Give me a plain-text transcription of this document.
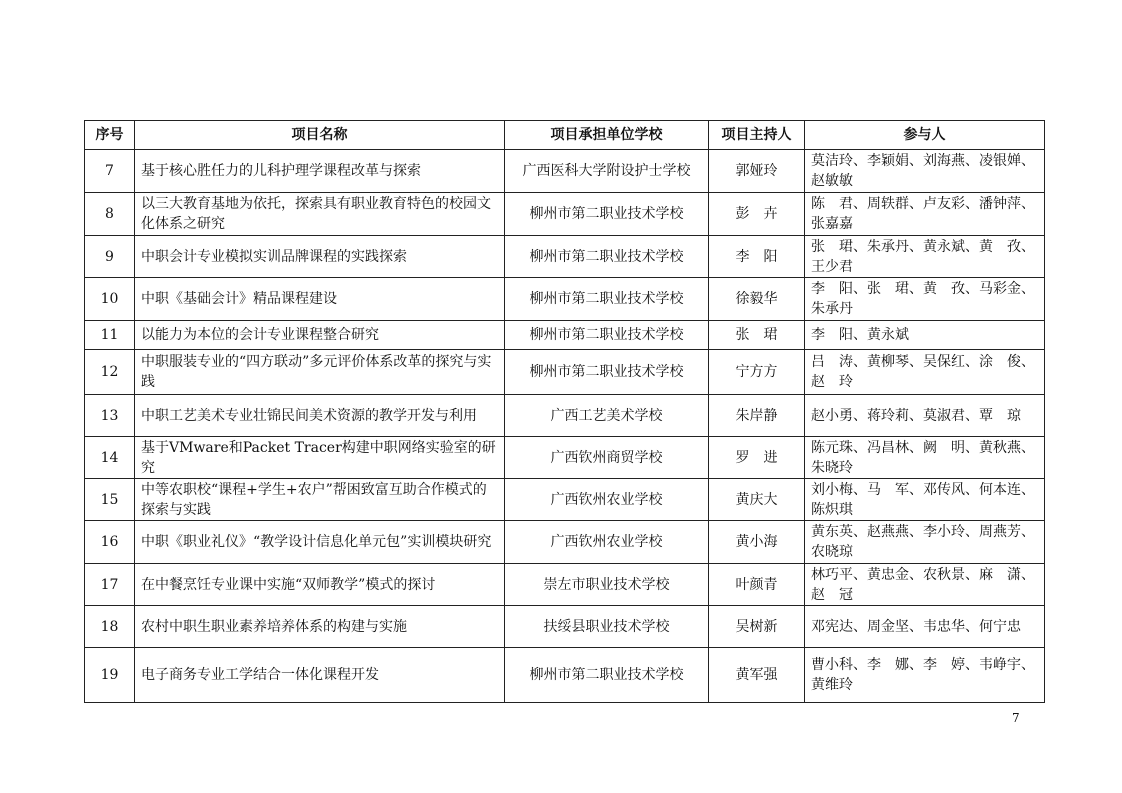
序号	项目名称	项目承担单位学校	项目主持人	参与人
7	基于核心胜任力的儿科护理学课程改革与探索	广西医科大学附设护士学校	郭娅玲	莫洁玲、李颖娟、刘海燕、凌银婵、赵敏敏
8	以三大教育基地为依托，探索具有职业教育特色的校园文化体系之研究	柳州市第二职业技术学校	彭　卉	陈　君、周轶群、卢友彩、潘钟萍、张嘉嘉
9	中职会计专业模拟实训品牌课程的实践探索	柳州市第二职业技术学校	李　阳	张　珺、朱承丹、黄永斌、黄　孜、王少君
10	中职《基础会计》精品课程建设	柳州市第二职业技术学校	徐毅华	李　阳、张　珺、黄　孜、马彩金、朱承丹
11	以能力为本位的会计专业课程整合研究	柳州市第二职业技术学校	张　珺	李　阳、黄永斌
12	中职服装专业的“四方联动”多元评价体系改革的探究与实践	柳州市第二职业技术学校	宁方方	吕　涛、黄柳琴、吴保红、涂　俊、赵　玲
13	中职工艺美术专业壮锦民间美术资源的教学开发与利用	广西工艺美术学校	朱岸静	赵小勇、蒋玲莉、莫淑君、覃　琼
14	基于VMware和Packet Tracer构建中职网络实验室的研究	广西钦州商贸学校	罗　进	陈元珠、冯昌林、阙　明、黄秋燕、朱晓玲
15	中等农职校“课程+学生+农户”帮困致富互助合作模式的探索与实践	广西钦州农业学校	黄庆大	刘小梅、马　军、邓传风、何本连、陈炽琪
16	中职《职业礼仪》“教学设计信息化单元包”实训模块研究	广西钦州农业学校	黄小海	黄东英、赵燕燕、李小玲、周燕芳、农晓琼
17	在中餐烹饪专业课中实施“双师教学”模式的探讨	崇左市职业技术学校	叶颜青	林巧平、黄忠金、农秋景、麻　潇、赵　冠
18	农村中职生职业素养培养体系的构建与实施	扶绥县职业技术学校	吴树新	邓宪达、周金坚、韦忠华、何宁忠
19	电子商务专业工学结合一体化课程开发	柳州市第二职业技术学校	黄军强	曹小科、李　娜、李　婷、韦峥宇、黄维玲
7
